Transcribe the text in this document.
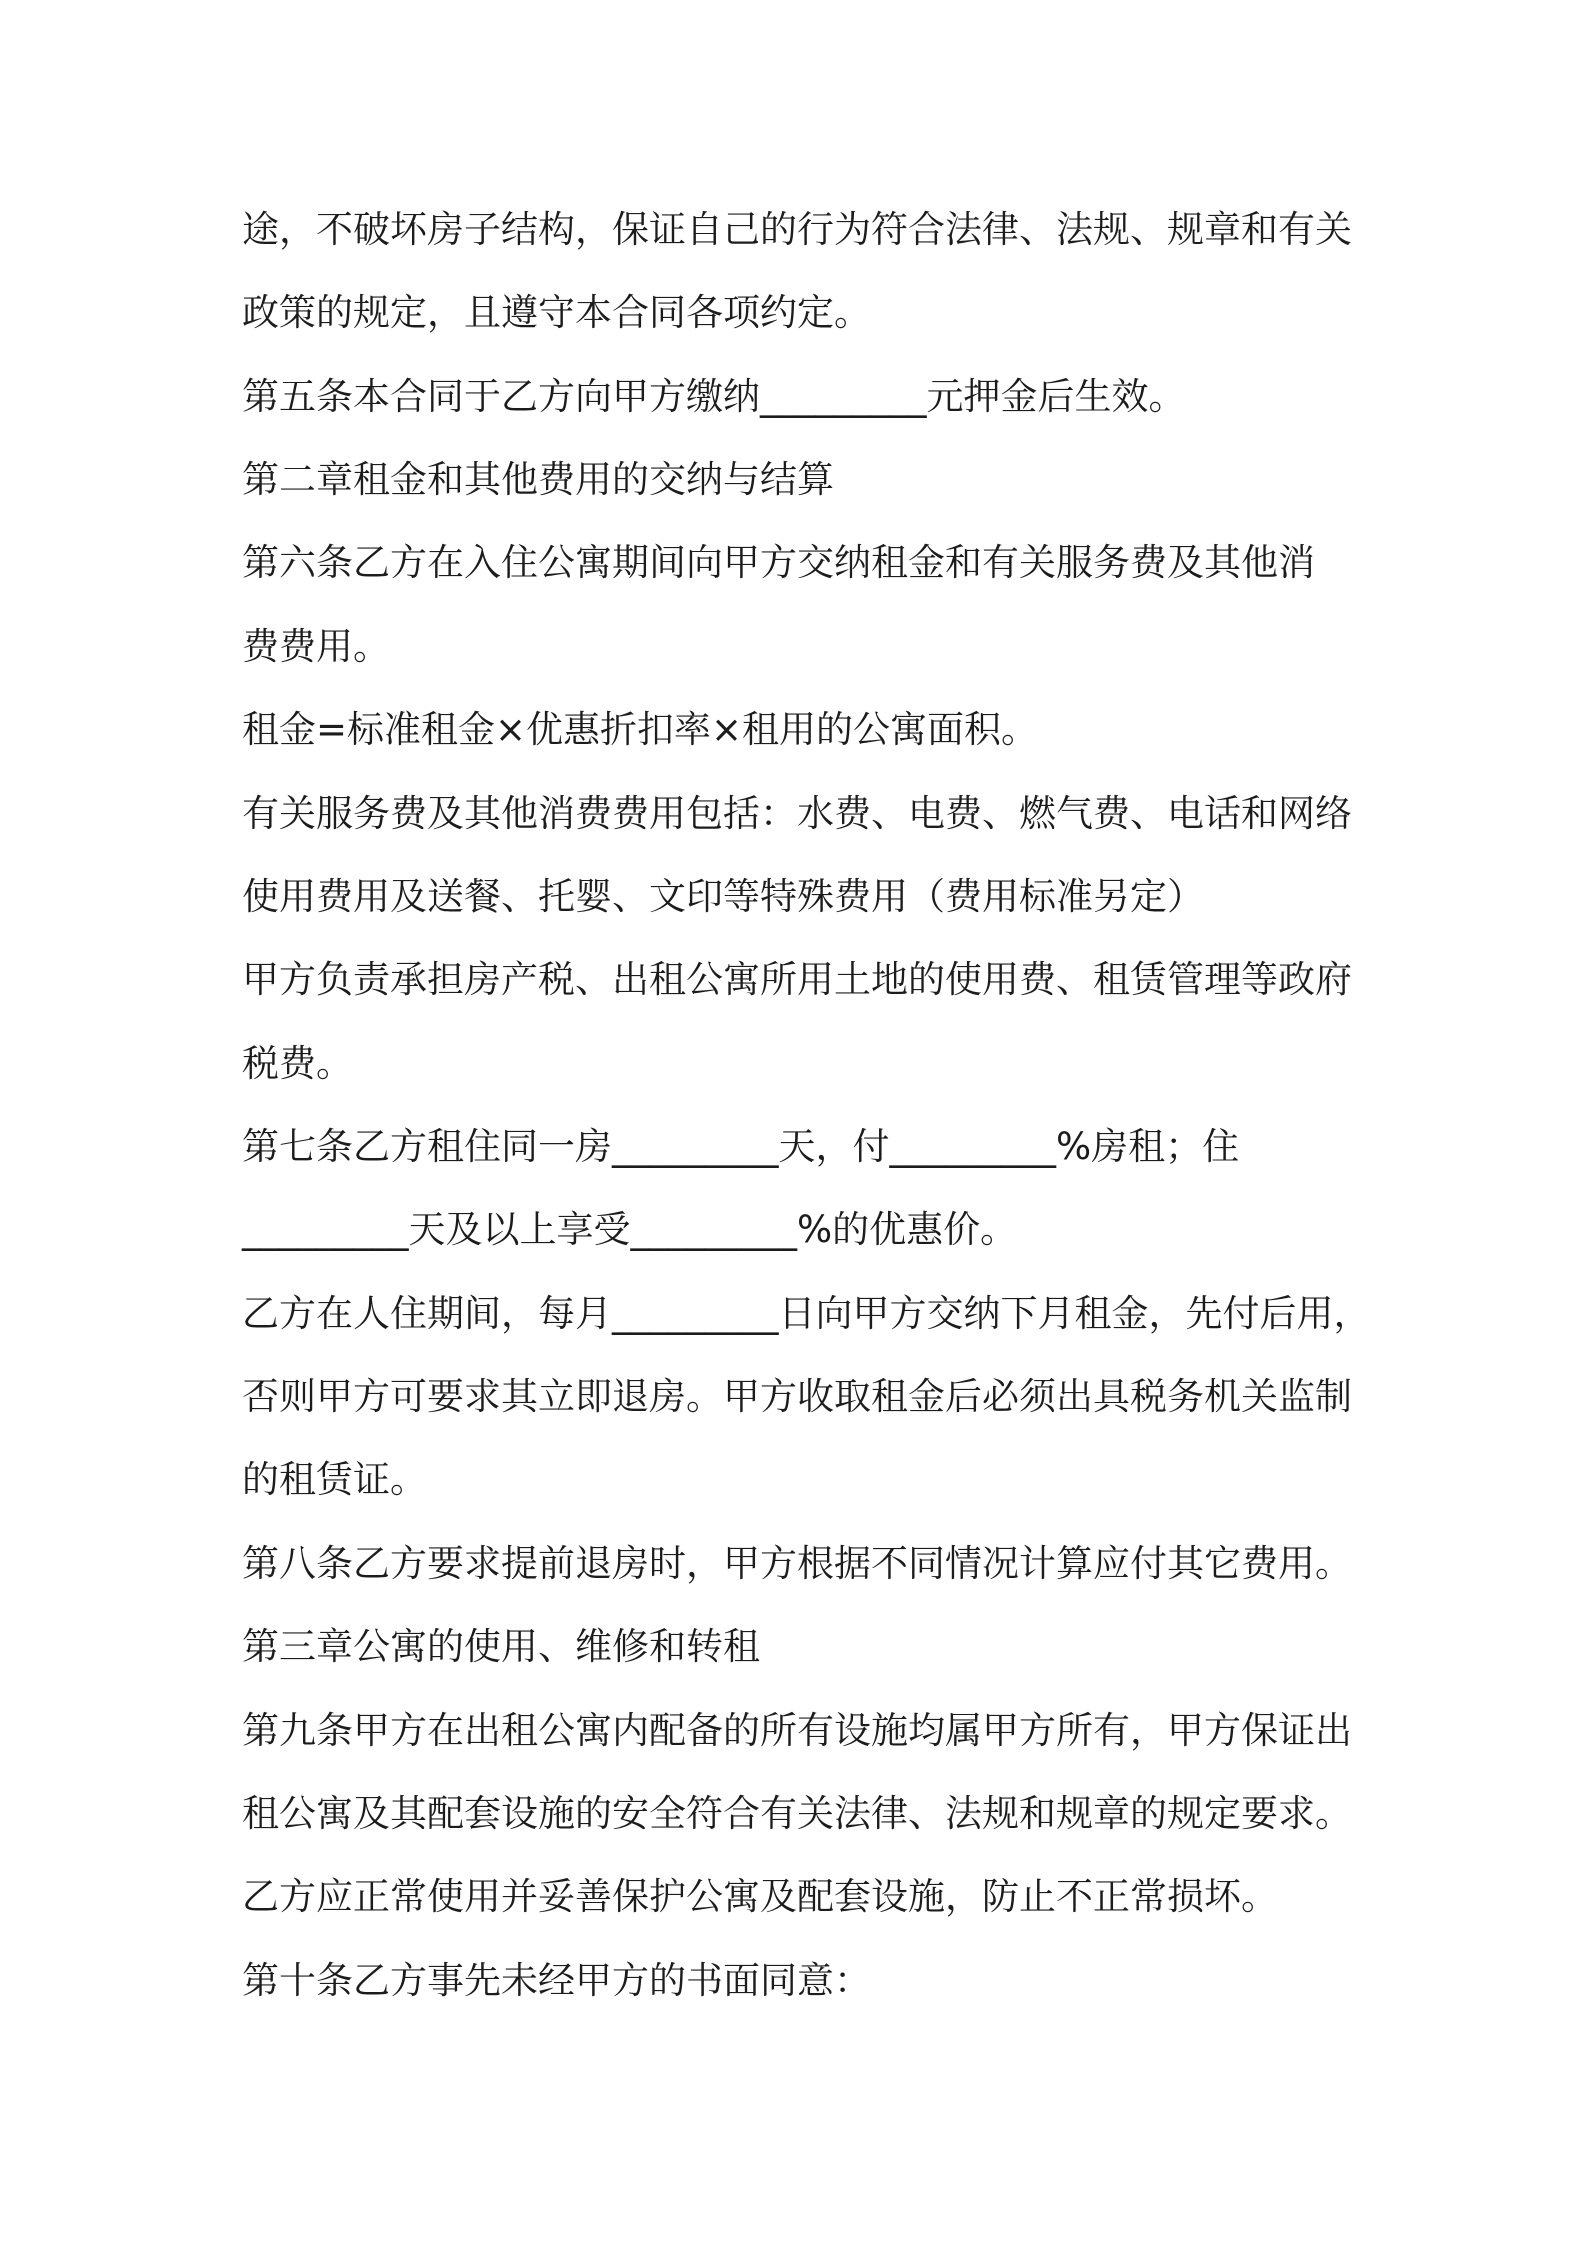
途，不破坏房子结构，保证自己的行为符合法律、法规、规章和有关

政策的规定，且遵守本合同各项约定。

第五条本合同于乙方向甲方缴纳_________元押金后生效。

第二章租金和其他费用的交纳与结算

第六条乙方在入住公寓期间向甲方交纳租金和有关服务费及其他消

费费用。

租金=标准租金×优惠折扣率×租用的公寓面积。

有关服务费及其他消费费用包括：水费、电费、燃气费、电话和网络

使用费用及送餐、托婴、文印等特殊费用（费用标准另定）

甲方负责承担房产税、出租公寓所用土地的使用费、租赁管理等政府

税费。

第七条乙方租住同一房_________天，付_________%房租；住

_________天及以上享受_________%的优惠价。

乙方在人住期间，每月_________日向甲方交纳下月租金，先付后用，

否则甲方可要求其立即退房。甲方收取租金后必须出具税务机关监制

的租赁证。

第八条乙方要求提前退房时，甲方根据不同情况计算应付其它费用。

第三章公寓的使用、维修和转租

第九条甲方在出租公寓内配备的所有设施均属甲方所有，甲方保证出

租公寓及其配套设施的安全符合有关法律、法规和规章的规定要求。

乙方应正常使用并妥善保护公寓及配套设施，防止不正常损坏。

第十条乙方事先未经甲方的书面同意：
